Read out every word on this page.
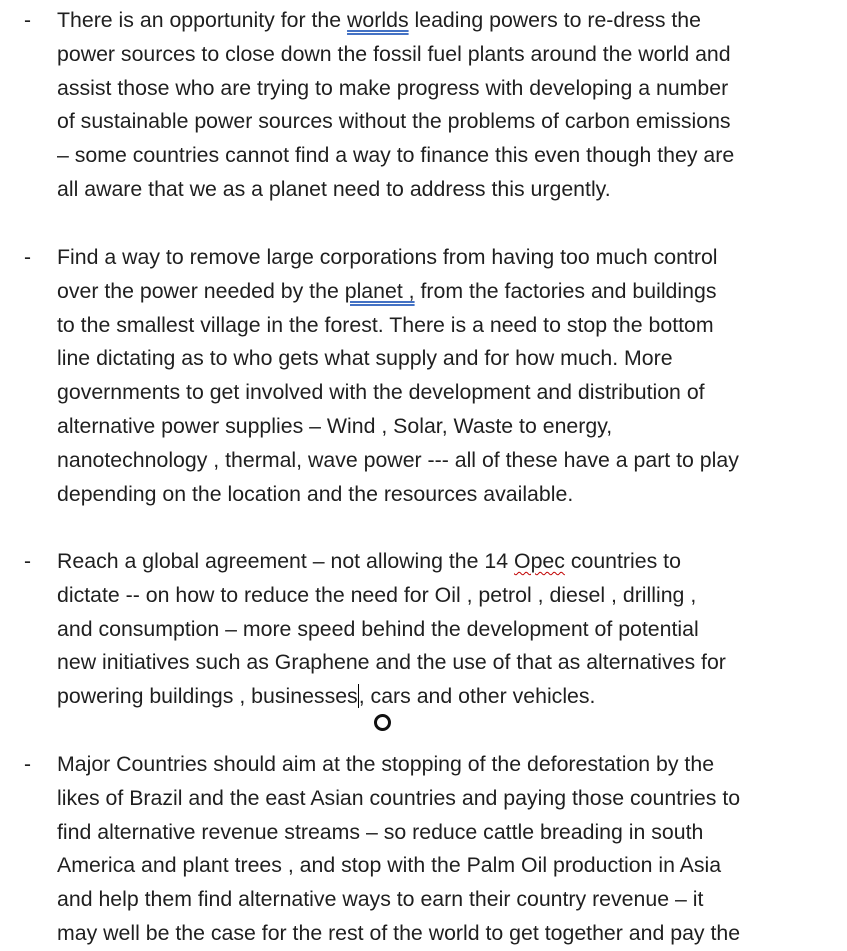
- There is an opportunity for the worlds leading powers to re-dress the
power sources to close down the fossil fuel plants around the world and
assist those who are trying to make progress with developing a number
of sustainable power sources without the problems of carbon emissions
– some countries cannot find a way to finance this even though they are
all aware that we as a planet need to address this urgently.
- Find a way to remove large corporations from having too much control
over the power needed by the planet , from the factories and buildings
to the smallest village in the forest. There is a need to stop the bottom
line dictating as to who gets what supply and for how much. More
governments to get involved with the development and distribution of
alternative power supplies – Wind , Solar, Waste to energy,
nanotechnology , thermal, wave power --- all of these have a part to play
depending on the location and the resources available.
- Reach a global agreement – not allowing the 14 Opec countries to
dictate -- on how to reduce the need for Oil , petrol , diesel , drilling ,
and consumption – more speed behind the development of potential
new initiatives such as Graphene and the use of that as alternatives for
powering buildings , businesses, cars and other vehicles.
- Major Countries should aim at the stopping of the deforestation by the
likes of Brazil and the east Asian countries and paying those countries to
find alternative revenue streams – so reduce cattle breading in south
America and plant trees , and stop with the Palm Oil production in Asia
and help them find alternative ways to earn their country revenue – it
may well be the case for the rest of the world to get together and pay the
